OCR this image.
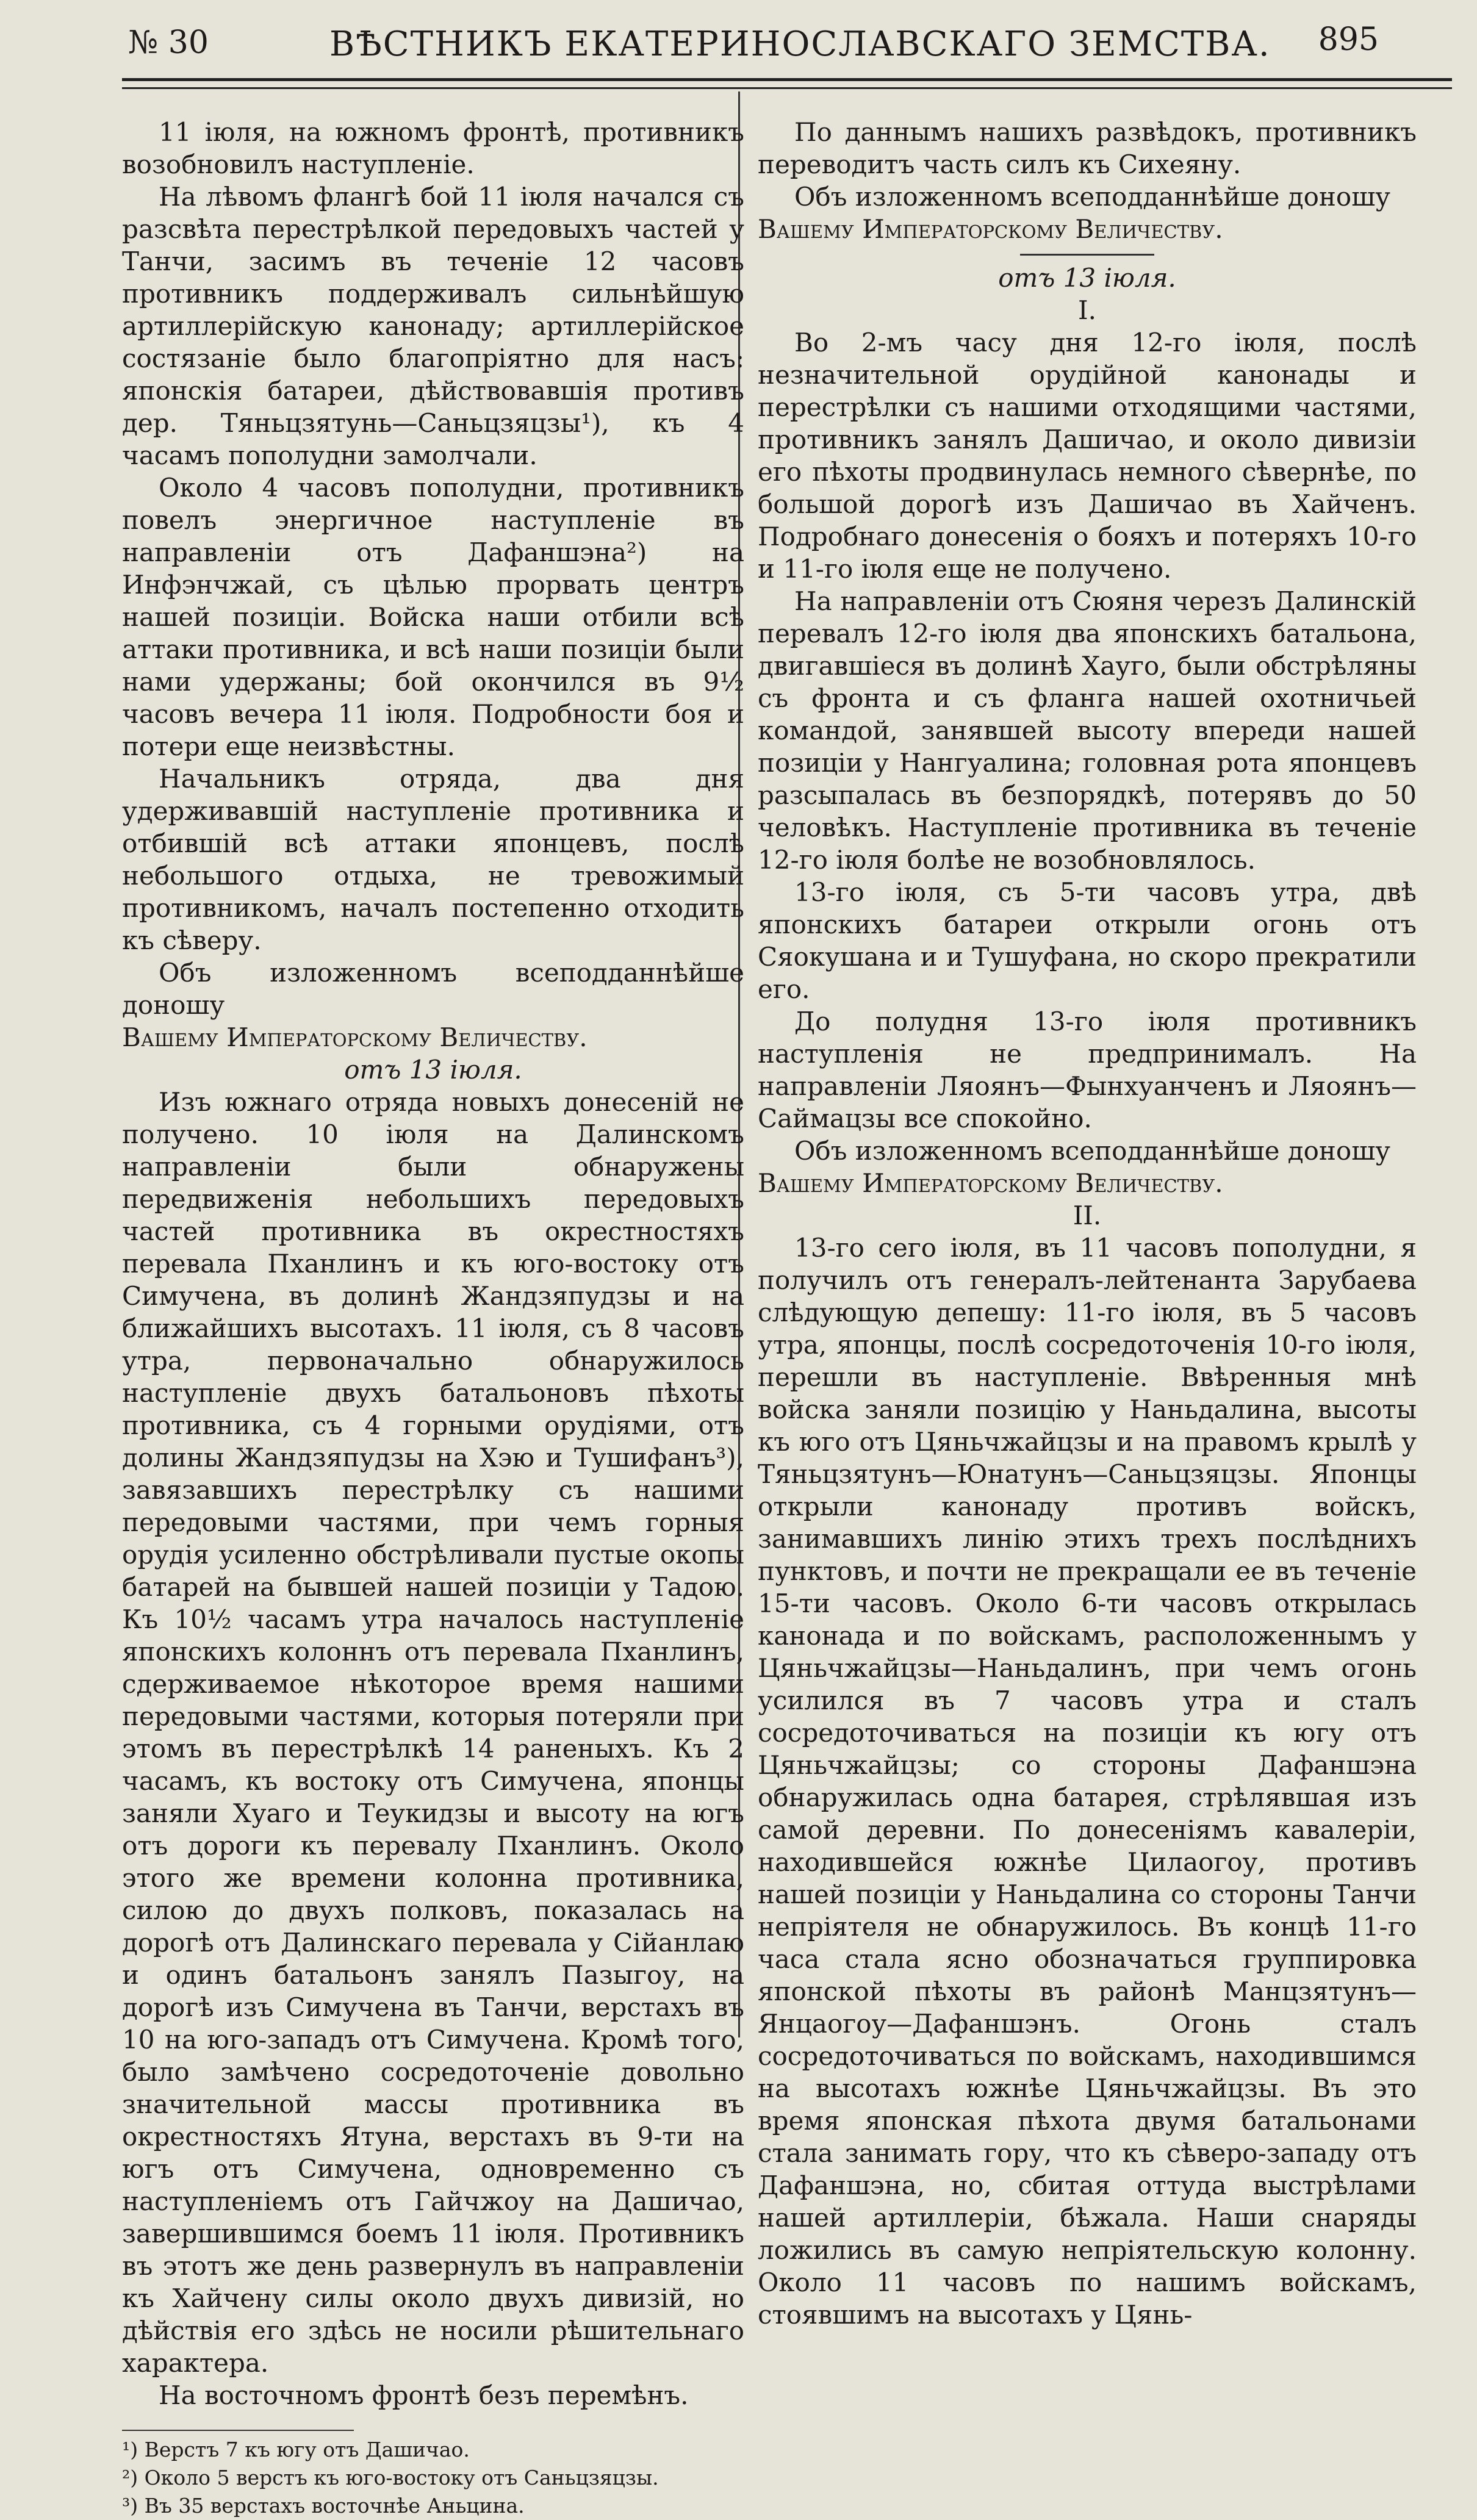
№ 30	ВѢСТНИКЪ ЕКАТЕРИНОСЛАВСКАГО ЗЕМСТВА. 895

11 іюля, на южномъ фронтѣ, противникъ возобновилъ наступленіе.

На лѣвомъ флангѣ бой 11 іюля начался съ разсвѣта перестрѣлкой передовыхъ частей у Танчи, засимъ въ теченіе 12 часовъ противникъ поддерживалъ сильнѣйшую артиллерійскую канонаду; артиллерійское состязаніе было благопріятно для насъ: японскія батареи, дѣйствовавшія противъ дер. Тяньцзятунь—Саньцзяцзы¹), къ 4 часамъ пополудни замолчали.

Около 4 часовъ пополудни, противникъ повелъ энергичное наступленіе въ направленіи отъ Дафаншэна²) на Инфэнчжай, съ цѣлью прорвать центръ нашей позиціи. Войска наши отбили всѣ аттаки противника, и всѣ наши позиціи были нами удержаны; бой окончился въ 9½ часовъ вечера 11 іюля. Подробности боя и потери еще неизвѣстны.

Начальникъ отряда, два дня удерживавшій наступленіе противника и отбившій всѣ аттаки японцевъ, послѣ небольшого отдыха, не тревожимый противникомъ, началъ постепенно отходить къ сѣверу.

Объ изложенномъ всеподданнѣйше доношу

Вашему Императорскому Величеству.

отъ 13 іюля.

Изъ южнаго отряда новыхъ донесеній не получено. 10 іюля на Далинскомъ направленіи были обнаружены передвиженія небольшихъ передовыхъ частей противника въ окрестностяхъ перевала Пханлинъ и къ юго-востоку отъ Симучена, въ долинѣ Жандзяпудзы и на ближайшихъ высотахъ. 11 іюля, съ 8 часовъ утра, первоначально обнаружилось наступленіе двухъ батальоновъ пѣхоты противника, съ 4 горными орудіями, отъ долины Жандзяпудзы на Хэю и Тушифанъ³), завязавшихъ перестрѣлку съ нашими передовыми частями, при чемъ горныя орудія усиленно обстрѣливали пустые окопы батарей на бывшей нашей позиціи у Тадою. Къ 10½ часамъ утра началось наступленіе японскихъ колоннъ отъ перевала Пханлинъ, сдерживаемое нѣкоторое время нашими передовыми частями, которыя потеряли при этомъ въ перестрѣлкѣ 14 раненыхъ. Къ 2 часамъ, къ востоку отъ Симучена, японцы заняли Хуаго и Теукидзы и высоту на югъ отъ дороги къ перевалу Пханлинъ. Около этого же времени колонна противника, силою до двухъ полковъ, показалась на дорогѣ отъ Далинскаго перевала у Сійанлаю и одинъ батальонъ занялъ Пазыгоу, на дорогѣ изъ Симучена въ Танчи, верстахъ въ 10 на юго-западъ отъ Симучена. Кромѣ того, было замѣчено сосредоточеніе довольно значительной массы противника въ окрестностяхъ Ятуна, верстахъ въ 9-ти на югъ отъ Симучена, одновременно съ наступленіемъ отъ Гайчжоу на Дашичао, завершившимся боемъ 11 іюля. Противникъ въ этотъ же день развернулъ въ направленіи къ Хайчену силы около двухъ дивизій, но дѣйствія его здѣсь не носили рѣшительнаго характера.

На восточномъ фронтѣ безъ перемѣнъ.

¹) Верстъ 7 къ югу отъ Дашичао.
²) Около 5 верстъ къ юго-востоку отъ Саньцзяцзы.
³) Въ 35 верстахъ восточнѣе Аньцина.

По даннымъ нашихъ развѣдокъ, противникъ переводитъ часть силъ къ Сихеяну.

Объ изложенномъ всеподданнѣйше доношу

Вашему Императорскому Величеству.

отъ 13 іюля.

I.

Во 2-мъ часу дня 12-го іюля, послѣ незначительной орудійной канонады и перестрѣлки съ нашими отходящими частями, противникъ занялъ Дашичао, и около дивизіи его пѣхоты продвинулась немного сѣвернѣе, по большой дорогѣ изъ Дашичао въ Хайченъ. Подробнаго донесенія о бояхъ и потеряхъ 10-го и 11-го іюля еще не получено.

На направленіи отъ Сюяня черезъ Далинскій перевалъ 12-го іюля два японскихъ батальона, двигавшіеся въ долинѣ Хауго, были обстрѣляны съ фронта и съ фланга нашей охотничьей командой, занявшей высоту впереди нашей позиціи у Нангуалина; головная рота японцевъ разсыпалась въ безпорядкѣ, потерявъ до 50 человѣкъ. Наступленіе противника въ теченіе 12-го іюля болѣе не возобновлялось.

13-го іюля, съ 5-ти часовъ утра, двѣ японскихъ батареи открыли огонь отъ Сяокушана и и Тушуфана, но скоро прекратили его.

До полудня 13-го іюля противникъ наступленія не предпринималъ. На направленіи Ляоянъ—Фынхуанченъ и Ляоянъ—Саймацзы все спокойно.

Объ изложенномъ всеподданнѣйше доношу

Вашему Императорскому Величеству.

II.

13-го сего іюля, въ 11 часовъ пополудни, я получилъ отъ генералъ-лейтенанта Зарубаева слѣдующую депешу: 11-го іюля, въ 5 часовъ утра, японцы, послѣ сосредоточенія 10-го іюля, перешли въ наступленіе. Ввѣренныя мнѣ войска заняли позицію у Наньдалина, высоты къ юго отъ Цяньчжайцзы и на правомъ крылѣ у Тяньцзятунъ—Юнатунъ—Саньцзяцзы. Японцы открыли канонаду противъ войскъ, занимавшихъ линію этихъ трехъ послѣднихъ пунктовъ, и почти не прекращали ее въ теченіе 15-ти часовъ. Около 6-ти часовъ открылась канонада и по войскамъ, расположеннымъ у Цяньчжайцзы—Наньдалинъ, при чемъ огонь усилился въ 7 часовъ утра и сталъ сосредоточиваться на позиціи къ югу отъ Цяньчжайцзы; со стороны Дафаншэна обнаружилась одна батарея, стрѣлявшая изъ самой деревни. По донесеніямъ кавалеріи, находившейся южнѣе Цилаогоу, противъ нашей позиціи у Наньдалина со стороны Танчи непріятеля не обнаружилось. Въ концѣ 11-го часа стала ясно обозначаться группировка японской пѣхоты въ районѣ Манцзятунъ—Янцаогоу—Дафаншэнъ. Огонь сталъ сосредоточиваться по войскамъ, находившимся на высотахъ южнѣе Цяньчжайцзы. Въ это время японская пѣхота двумя батальонами стала занимать гору, что къ сѣверо-западу отъ Дафаншэна, но, сбитая оттуда выстрѣлами нашей артиллеріи, бѣжала. Наши снаряды ложились въ самую непріятельскую колонну. Около 11 часовъ по нашимъ войскамъ, стоявшимъ на высотахъ у Цянь-
